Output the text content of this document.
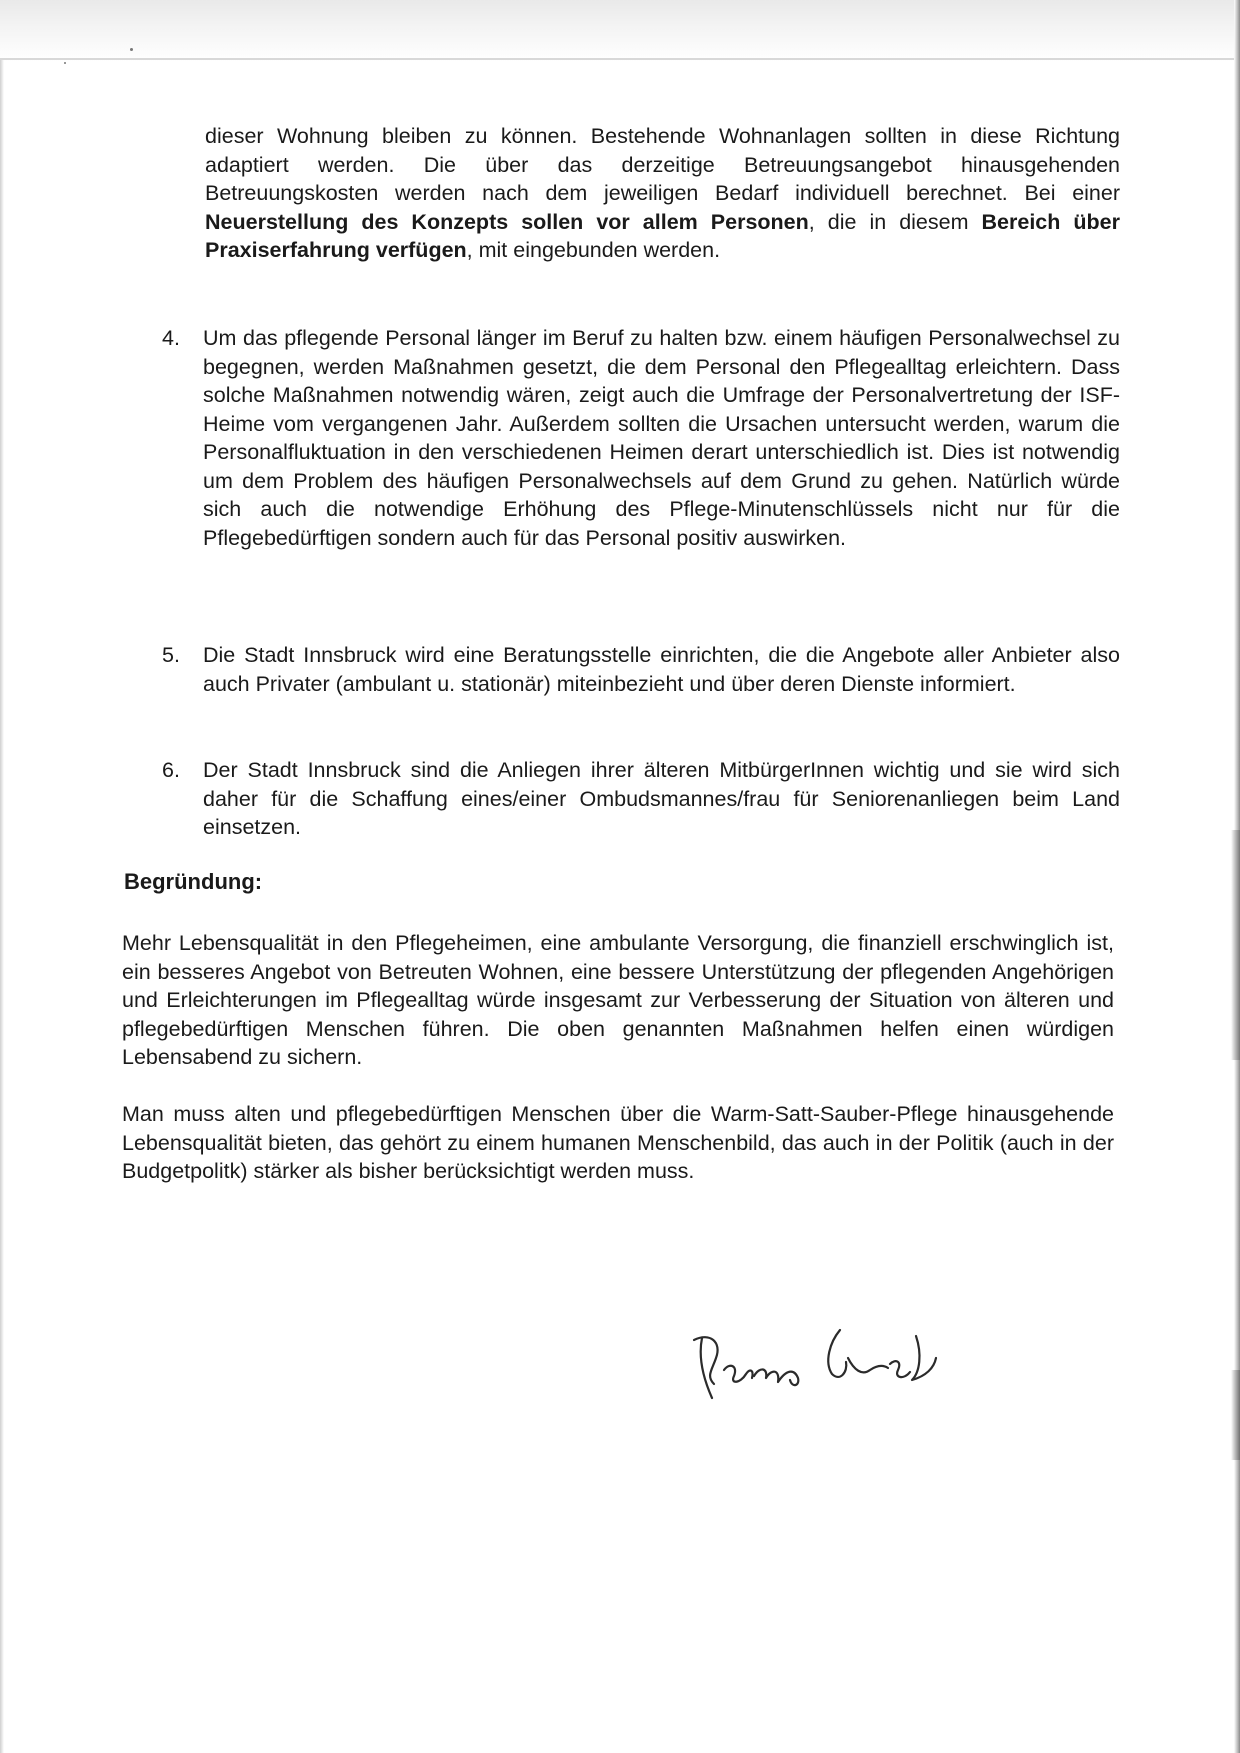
dieser Wohnung bleiben zu können. Bestehende Wohnanlagen sollten in diese Richtung adaptiert werden. Die über das derzeitige Betreuungsangebot hinausgehenden Betreuungskosten werden nach dem jeweiligen Bedarf individuell berechnet. Bei einer Neuerstellung des Konzepts sollen vor allem Personen, die in diesem Bereich über Praxiserfahrung verfügen, mit eingebunden werden.

4. Um das pflegende Personal länger im Beruf zu halten bzw. einem häufigen Personalwechsel zu begegnen, werden Maßnahmen gesetzt, die dem Personal den Pflegealltag erleichtern. Dass solche Maßnahmen notwendig wären, zeigt auch die Umfrage der Personalvertretung der ISF-Heime vom vergangenen Jahr. Außerdem sollten die Ursachen untersucht werden, warum die Personalfluktuation in den verschiedenen Heimen derart unterschiedlich ist. Dies ist notwendig um dem Problem des häufigen Personalwechsels auf dem Grund zu gehen. Natürlich würde sich auch die notwendige Erhöhung des Pflege-Minutenschlüssels nicht nur für die Pflegebedürftigen sondern auch für das Personal positiv auswirken.

5. Die Stadt Innsbruck wird eine Beratungsstelle einrichten, die die Angebote aller Anbieter also auch Privater (ambulant u. stationär) miteinbezieht und über deren Dienste informiert.

6. Der Stadt Innsbruck sind die Anliegen ihrer älteren MitbürgerInnen wichtig und sie wird sich daher für die Schaffung eines/einer Ombudsmannes/frau für Seniorenanliegen beim Land einsetzen.

Begründung:

Mehr Lebensqualität in den Pflegeheimen, eine ambulante Versorgung, die finanziell erschwinglich ist, ein besseres Angebot von Betreuten Wohnen, eine bessere Unterstützung der pflegenden Angehörigen und Erleichterungen im Pflegealltag würde insgesamt zur Verbesserung der Situation von älteren und pflegebedürftigen Menschen führen. Die oben genannten Maßnahmen helfen einen würdigen Lebensabend zu sichern.

Man muss alten und pflegebedürftigen Menschen über die Warm-Satt-Sauber-Pflege hinausgehende Lebensqualität bieten, das gehört zu einem humanen Menschenbild, das auch in der Politik (auch in der Budgetpolitk) stärker als bisher berücksichtigt werden muss.
